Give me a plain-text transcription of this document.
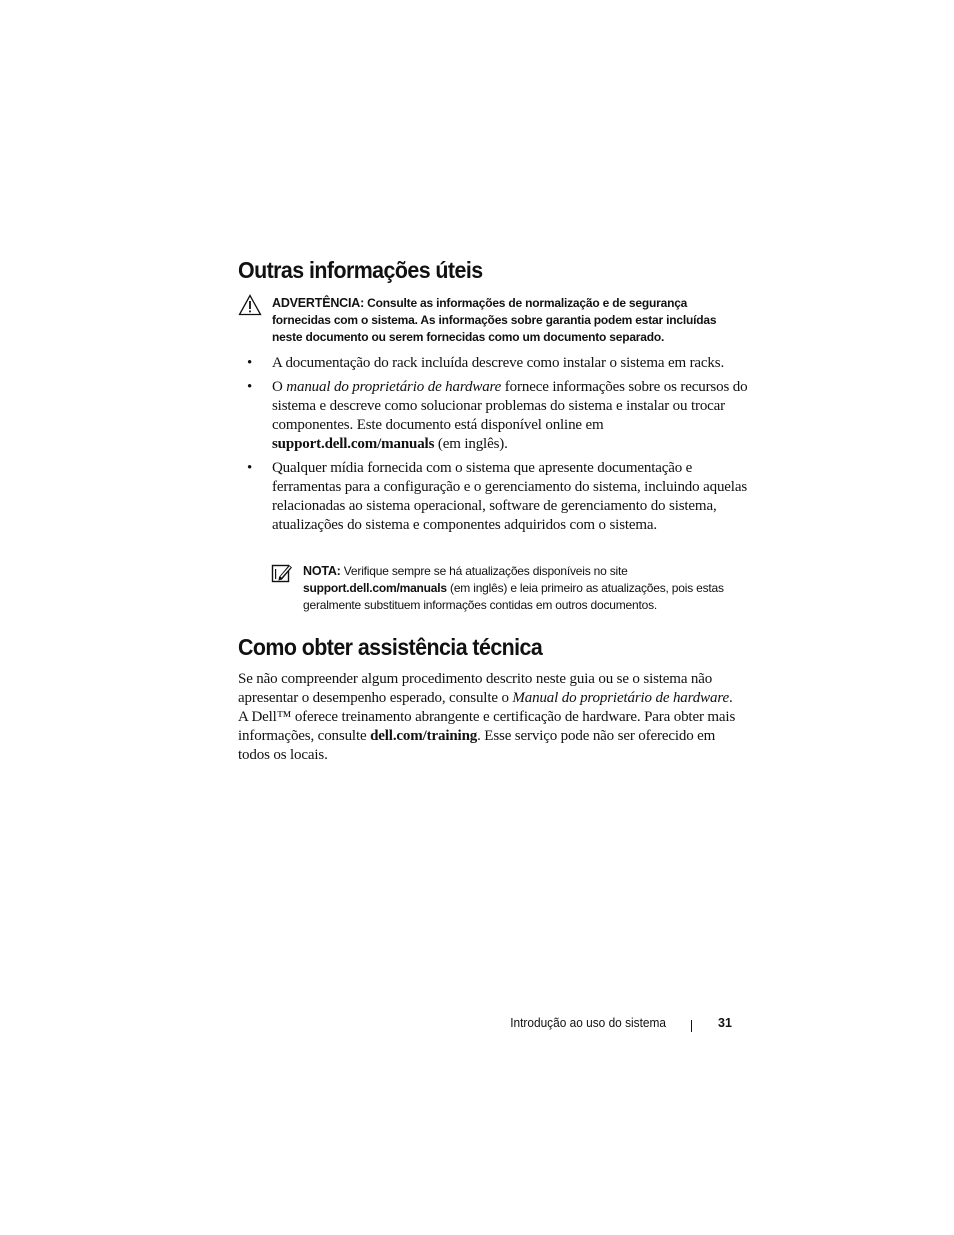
Outras informações úteis
ADVERTÊNCIA: Consulte as informações de normalização e de segurança fornecidas com o sistema. As informações sobre garantia podem estar incluídas neste documento ou serem fornecidas como um documento separado.
• A documentação do rack incluída descreve como instalar o sistema em racks.
• O manual do proprietário de hardware fornece informações sobre os recursos do sistema e descreve como solucionar problemas do sistema e instalar ou trocar componentes. Este documento está disponível online em support.dell.com/manuals (em inglês).
• Qualquer mídia fornecida com o sistema que apresente documentação e ferramentas para a configuração e o gerenciamento do sistema, incluindo aquelas relacionadas ao sistema operacional, software de gerenciamento do sistema, atualizações do sistema e componentes adquiridos com o sistema.
NOTA: Verifique sempre se há atualizações disponíveis no site support.dell.com/manuals (em inglês) e leia primeiro as atualizações, pois estas geralmente substituem informações contidas em outros documentos.
Como obter assistência técnica

Se não compreender algum procedimento descrito neste guia ou se o sistema não apresentar o desempenho esperado, consulte o Manual do proprietário de hardware. A Dell™ oferece treinamento abrangente e certificação de hardware. Para obter mais informações, consulte dell.com/training. Esse serviço pode não ser oferecido em todos os locais.

Introdução ao uso do sistema	31
